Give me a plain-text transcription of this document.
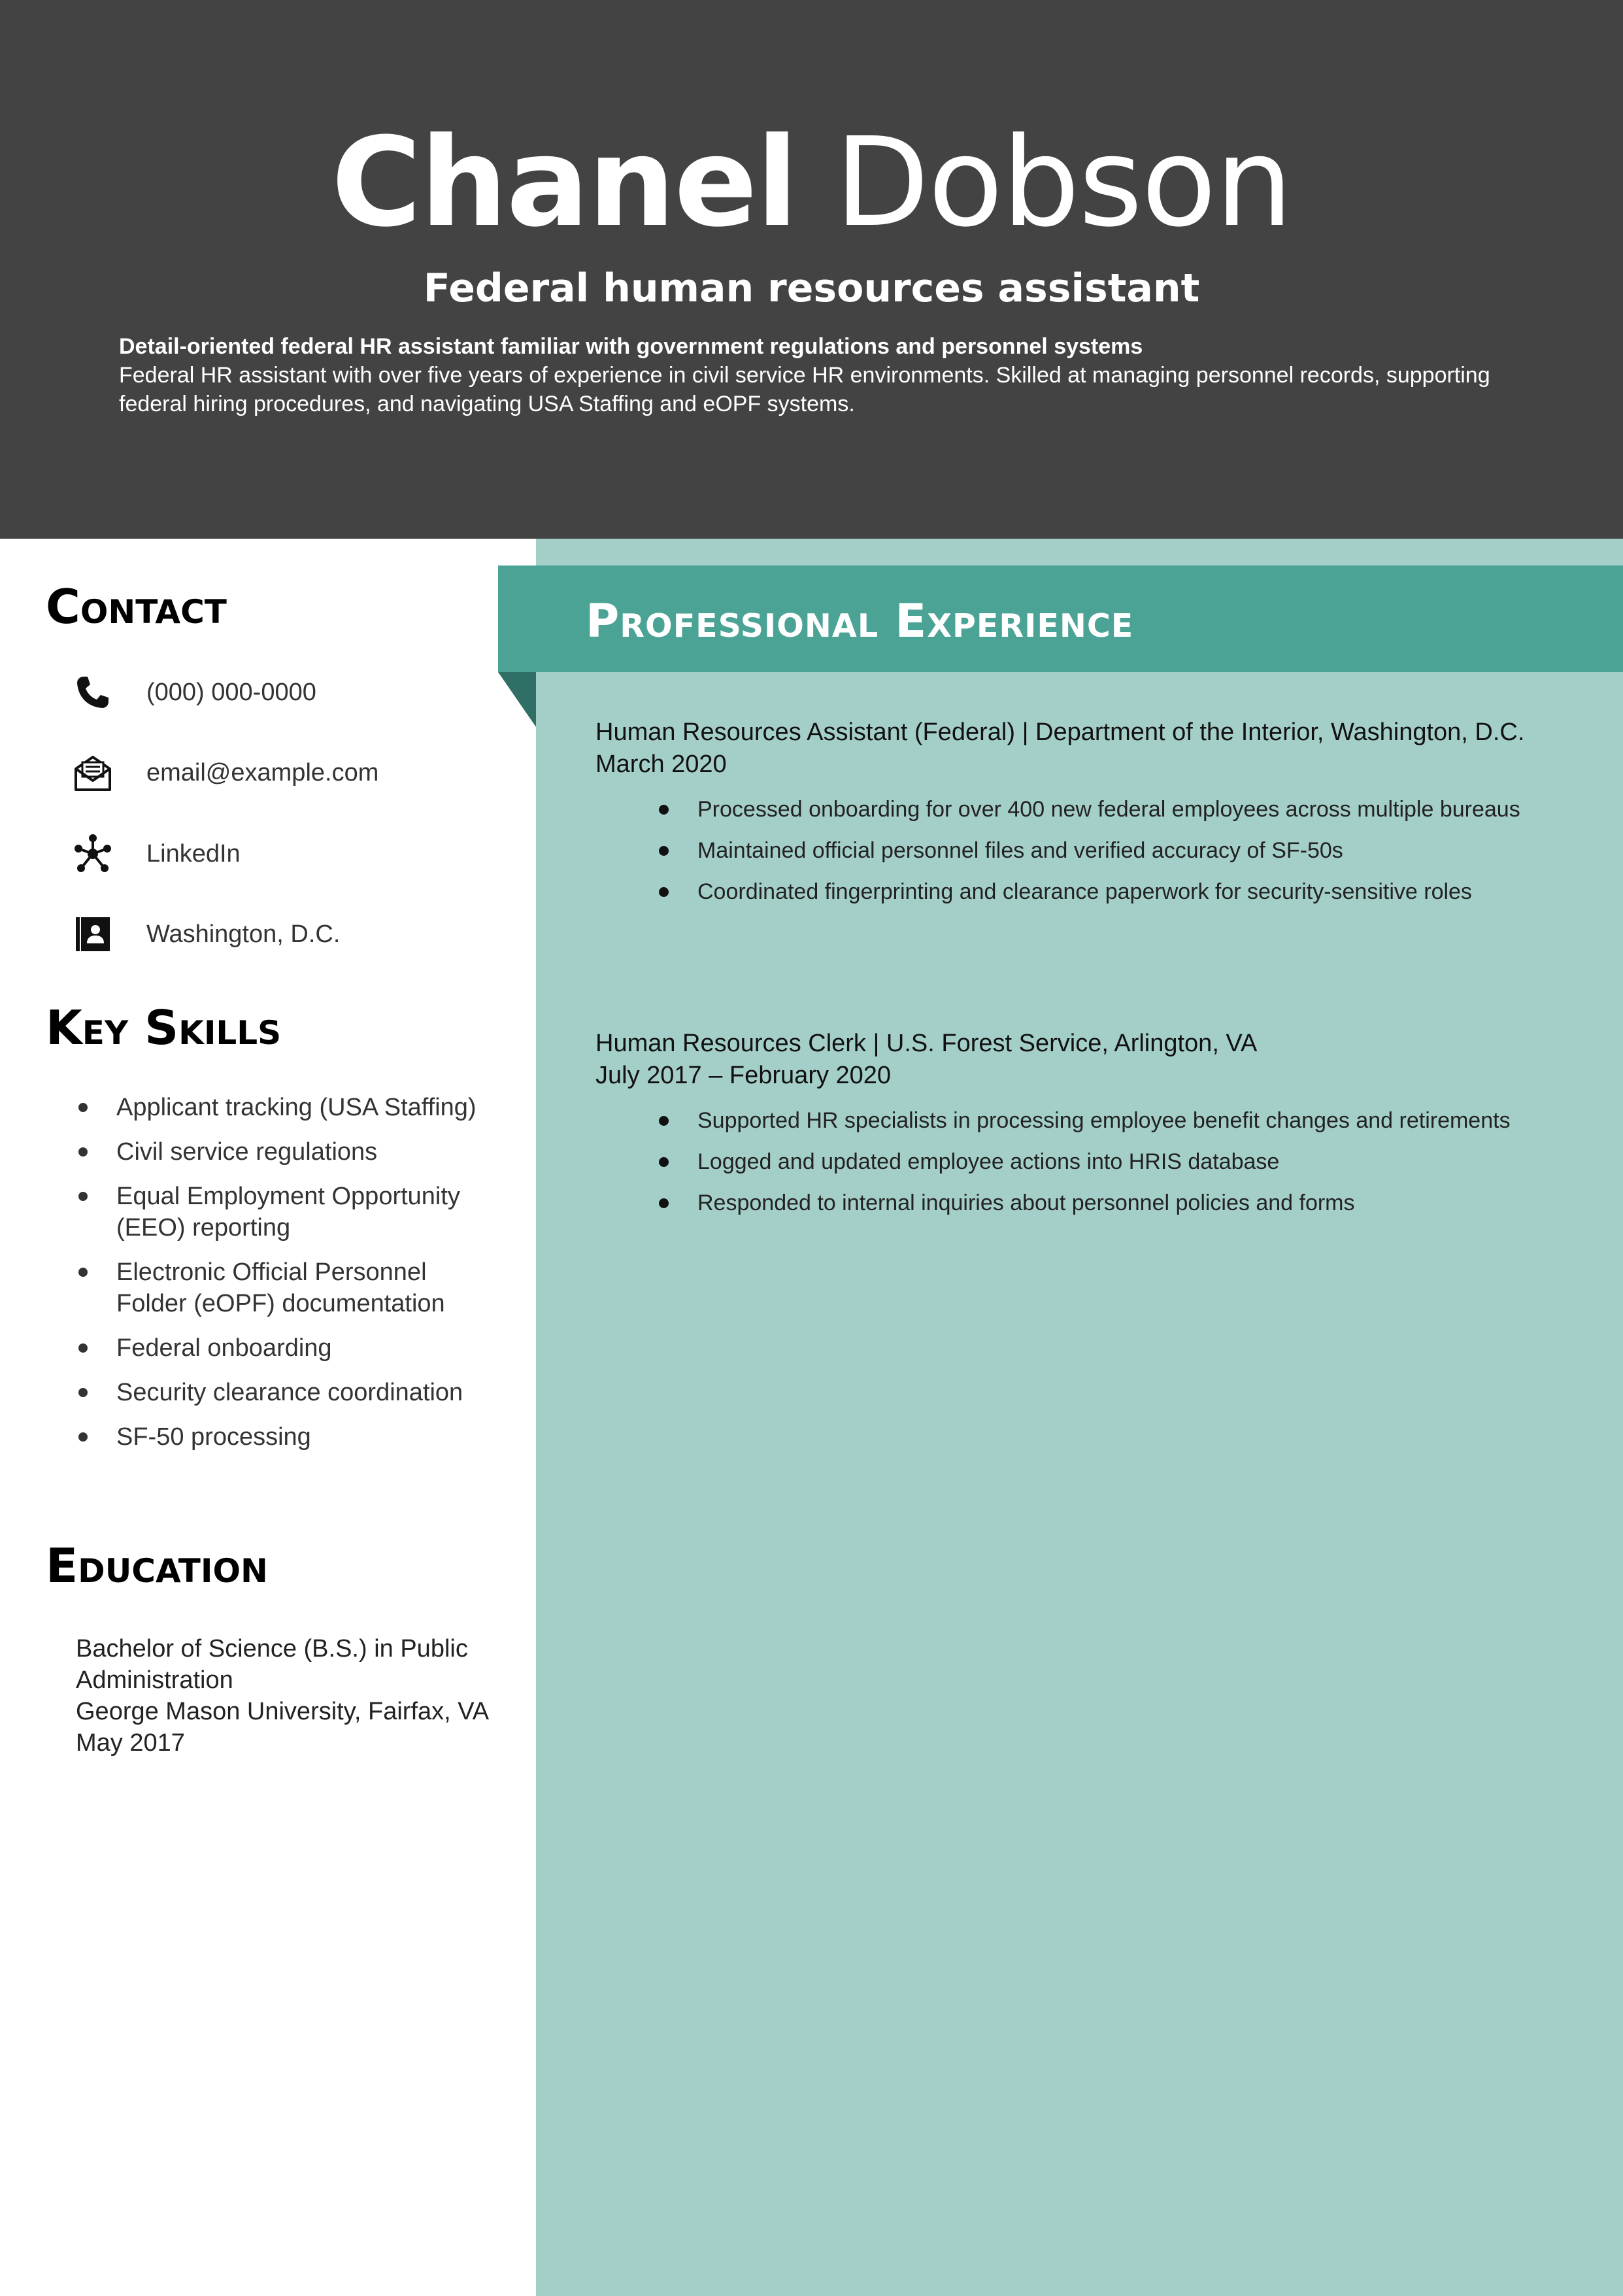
Chanel Dobson
Federal human resources assistant
Detail-oriented federal HR assistant familiar with government regulations and personnel systems
Federal HR assistant with over five years of experience in civil service HR environments. Skilled at managing personnel records, supporting federal hiring procedures, and navigating USA Staffing and eOPF systems.
Professional Experience
Human Resources Assistant (Federal) | Department of the Interior, Washington, D.C.
March 2020
Processed onboarding for over 400 new federal employees across multiple bureaus
Maintained official personnel files and verified accuracy of SF-50s
Coordinated fingerprinting and clearance paperwork for security-sensitive roles
Human Resources Clerk | U.S. Forest Service, Arlington, VA
July 2017 – February 2020
Supported HR specialists in processing employee benefit changes and retirements
Logged and updated employee actions into HRIS database
Responded to internal inquiries about personnel policies and forms
Contact
(000) 000-0000
email@example.com
LinkedIn
Washington, D.C.
Key Skills
Applicant tracking (USA Staffing)
Civil service regulations
Equal Employment Opportunity (EEO) reporting
Electronic Official Personnel Folder (eOPF) documentation
Federal onboarding
Security clearance coordination
SF-50 processing
Education
Bachelor of Science (B.S.) in Public Administration
George Mason University, Fairfax, VA
May 2017
